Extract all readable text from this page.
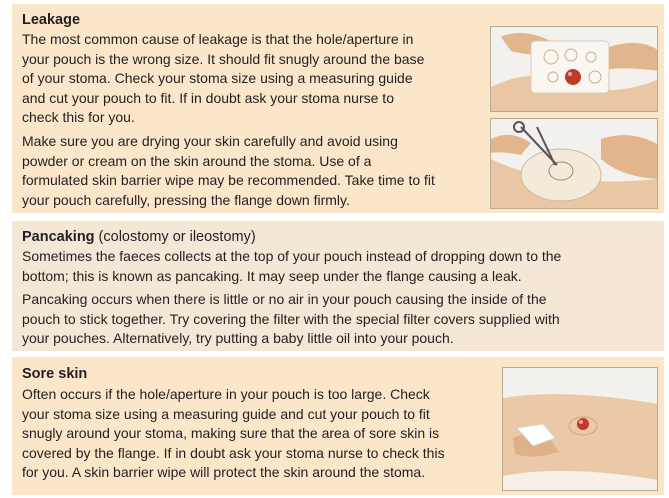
Leakage
The most common cause of leakage is that the hole/aperture in
your pouch is the wrong size. It should fit snugly around the base
of your stoma. Check your stoma size using a measuring guide
and cut your pouch to fit. If in doubt ask your stoma nurse to
check this for you.
Make sure you are drying your skin carefully and avoid using
powder or cream on the skin around the stoma. Use of a
formulated skin barrier wipe may be recommended. Take time to fit
your pouch carefully, pressing the flange down firmly.
Pancaking (colostomy or ileostomy)
Sometimes the faeces collects at the top of your pouch instead of dropping down to the
bottom; this is known as pancaking. It may seep under the flange causing a leak.
Pancaking occurs when there is little or no air in your pouch causing the inside of the
pouch to stick together. Try covering the filter with the special filter covers supplied with
your pouches. Alternatively, try putting a baby little oil into your pouch.
Sore skin
Often occurs if the hole/aperture in your pouch is too large. Check
your stoma size using a measuring guide and cut your pouch to fit
snugly around your stoma, making sure that the area of sore skin is
covered by the flange. If in doubt ask your stoma nurse to check this
for you. A skin barrier wipe will protect the skin around the stoma.
